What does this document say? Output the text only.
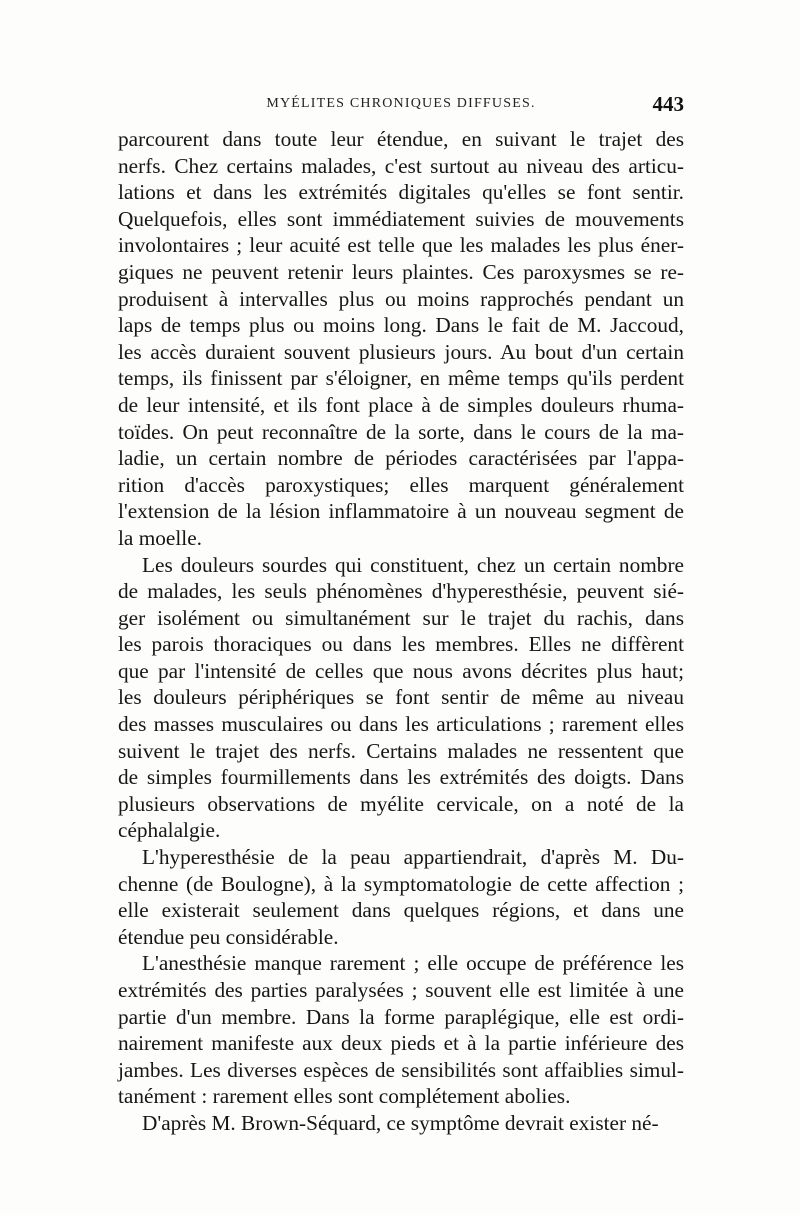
MYÉLITES CHRONIQUES DIFFUSES.	443
parcourent dans toute leur étendue, en suivant le trajet des
nerfs. Chez certains malades, c'est surtout au niveau des articu-
lations et dans les extrémités digitales qu'elles se font sentir.
Quelquefois, elles sont immédiatement suivies de mouvements
involontaires ; leur acuité est telle que les malades les plus éner-
giques ne peuvent retenir leurs plaintes. Ces paroxysmes se re-
produisent à intervalles plus ou moins rapprochés pendant un
laps de temps plus ou moins long. Dans le fait de M. Jaccoud,
les accès duraient souvent plusieurs jours. Au bout d'un certain
temps, ils finissent par s'éloigner, en même temps qu'ils perdent
de leur intensité, et ils font place à de simples douleurs rhuma-
toïdes. On peut reconnaître de la sorte, dans le cours de la ma-
ladie, un certain nombre de périodes caractérisées par l'appa-
rition d'accès paroxystiques; elles marquent généralement
l'extension de la lésion inflammatoire à un nouveau segment de
la moelle.
Les douleurs sourdes qui constituent, chez un certain nombre
de malades, les seuls phénomènes d'hyperesthésie, peuvent sié-
ger isolément ou simultanément sur le trajet du rachis, dans
les parois thoraciques ou dans les membres. Elles ne diffèrent
que par l'intensité de celles que nous avons décrites plus haut;
les douleurs périphériques se font sentir de même au niveau
des masses musculaires ou dans les articulations ; rarement elles
suivent le trajet des nerfs. Certains malades ne ressentent que
de simples fourmillements dans les extrémités des doigts. Dans
plusieurs observations de myélite cervicale, on a noté de la
céphalalgie.
L'hyperesthésie de la peau appartiendrait, d'après M. Du-
chenne (de Boulogne), à la symptomatologie de cette affection ;
elle existerait seulement dans quelques régions, et dans une
étendue peu considérable.
L'anesthésie manque rarement ; elle occupe de préférence les
extrémités des parties paralysées ; souvent elle est limitée à une
partie d'un membre. Dans la forme paraplégique, elle est ordi-
nairement manifeste aux deux pieds et à la partie inférieure des
jambes. Les diverses espèces de sensibilités sont affaiblies simul-
tanément : rarement elles sont complétement abolies.
D'après M. Brown-Séquard, ce symptôme devrait exister né-
